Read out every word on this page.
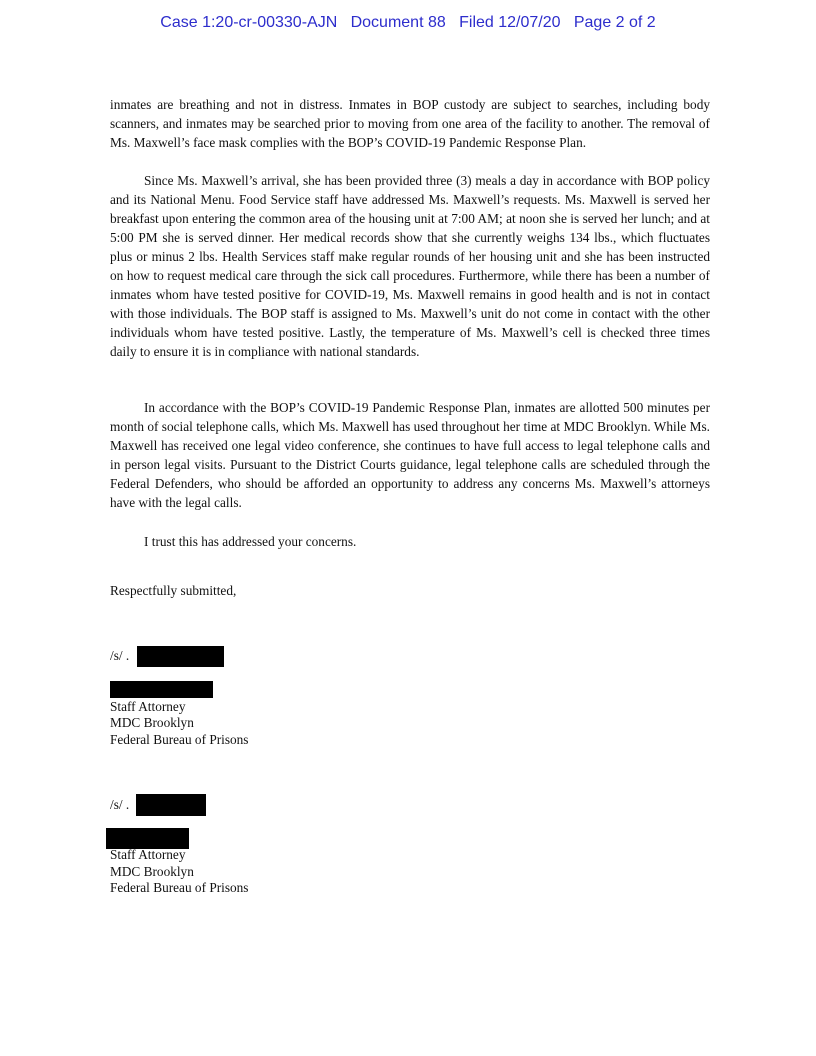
Case 1:20-cr-00330-AJN Document 88 Filed 12/07/20 Page 2 of 2

inmates are breathing and not in distress. Inmates in BOP custody are subject to searches, including body scanners, and inmates may be searched prior to moving from one area of the facility to another. The removal of Ms. Maxwell’s face mask complies with the BOP’s COVID-19 Pandemic Response Plan.

Since Ms. Maxwell’s arrival, she has been provided three (3) meals a day in accordance with BOP policy and its National Menu. Food Service staff have addressed Ms. Maxwell’s requests. Ms. Maxwell is served her breakfast upon entering the common area of the housing unit at 7:00 AM; at noon she is served her lunch; and at 5:00 PM she is served dinner. Her medical records show that she currently weighs 134 lbs., which fluctuates plus or minus 2 lbs. Health Services staff make regular rounds of her housing unit and she has been instructed on how to request medical care through the sick call procedures. Furthermore, while there has been a number of inmates whom have tested positive for COVID-19, Ms. Maxwell remains in good health and is not in contact with those individuals. The BOP staff is assigned to Ms. Maxwell’s unit do not come in contact with the other individuals whom have tested positive. Lastly, the temperature of Ms. Maxwell’s cell is checked three times daily to ensure it is in compliance with national standards.

In accordance with the BOP’s COVID-19 Pandemic Response Plan, inmates are allotted 500 minutes per month of social telephone calls, which Ms. Maxwell has used throughout her time at MDC Brooklyn. While Ms. Maxwell has received one legal video conference, she continues to have full access to legal telephone calls and in person legal visits. Pursuant to the District Courts guidance, legal telephone calls are scheduled through the Federal Defenders, who should be afforded an opportunity to address any concerns Ms. Maxwell’s attorneys have with the legal calls.

I trust this has addressed your concerns.

Respectfully submitted,
/s/ .
Staff Attorney
MDC Brooklyn
Federal Bureau of Prisons
/s/ .
Staff Attorney
MDC Brooklyn
Federal Bureau of Prisons
